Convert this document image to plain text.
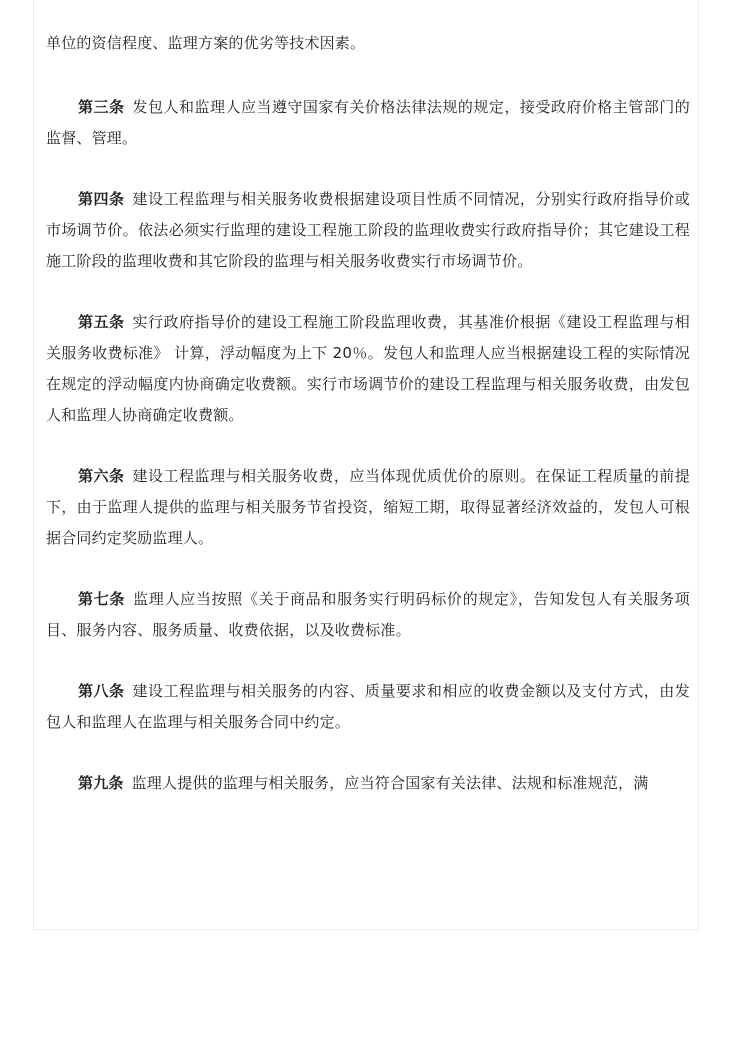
单位的资信程度、监理方案的优劣等技术因素。

第三条 发包人和监理人应当遵守国家有关价格法律法规的规定，接受政府价格主管部门的监督、管理。

第四条 建设工程监理与相关服务收费根据建设项目性质不同情况，分别实行政府指导价或市场调节价。依法必须实行监理的建设工程施工阶段的监理收费实行政府指导价；其它建设工程施工阶段的监理收费和其它阶段的监理与相关服务收费实行市场调节价。

第五条 实行政府指导价的建设工程施工阶段监理收费，其基准价根据《建设工程监理与相关服务收费标准》 计算，浮动幅度为上下 20％。发包人和监理人应当根据建设工程的实际情况在规定的浮动幅度内协商确定收费额。实行市场调节价的建设工程监理与相关服务收费，由发包人和监理人协商确定收费额。

第六条 建设工程监理与相关服务收费，应当体现优质优价的原则。在保证工程质量的前提下，由于监理人提供的监理与相关服务节省投资，缩短工期，取得显著经济效益的，发包人可根据合同约定奖励监理人。

第七条 监理人应当按照《关于商品和服务实行明码标价的规定》，告知发包人有关服务项目、服务内容、服务质量、收费依据，以及收费标准。

第八条 建设工程监理与相关服务的内容、质量要求和相应的收费金额以及支付方式，由发包人和监理人在监理与相关服务合同中约定。

第九条 监理人提供的监理与相关服务，应当符合国家有关法律、法规和标准规范，满
